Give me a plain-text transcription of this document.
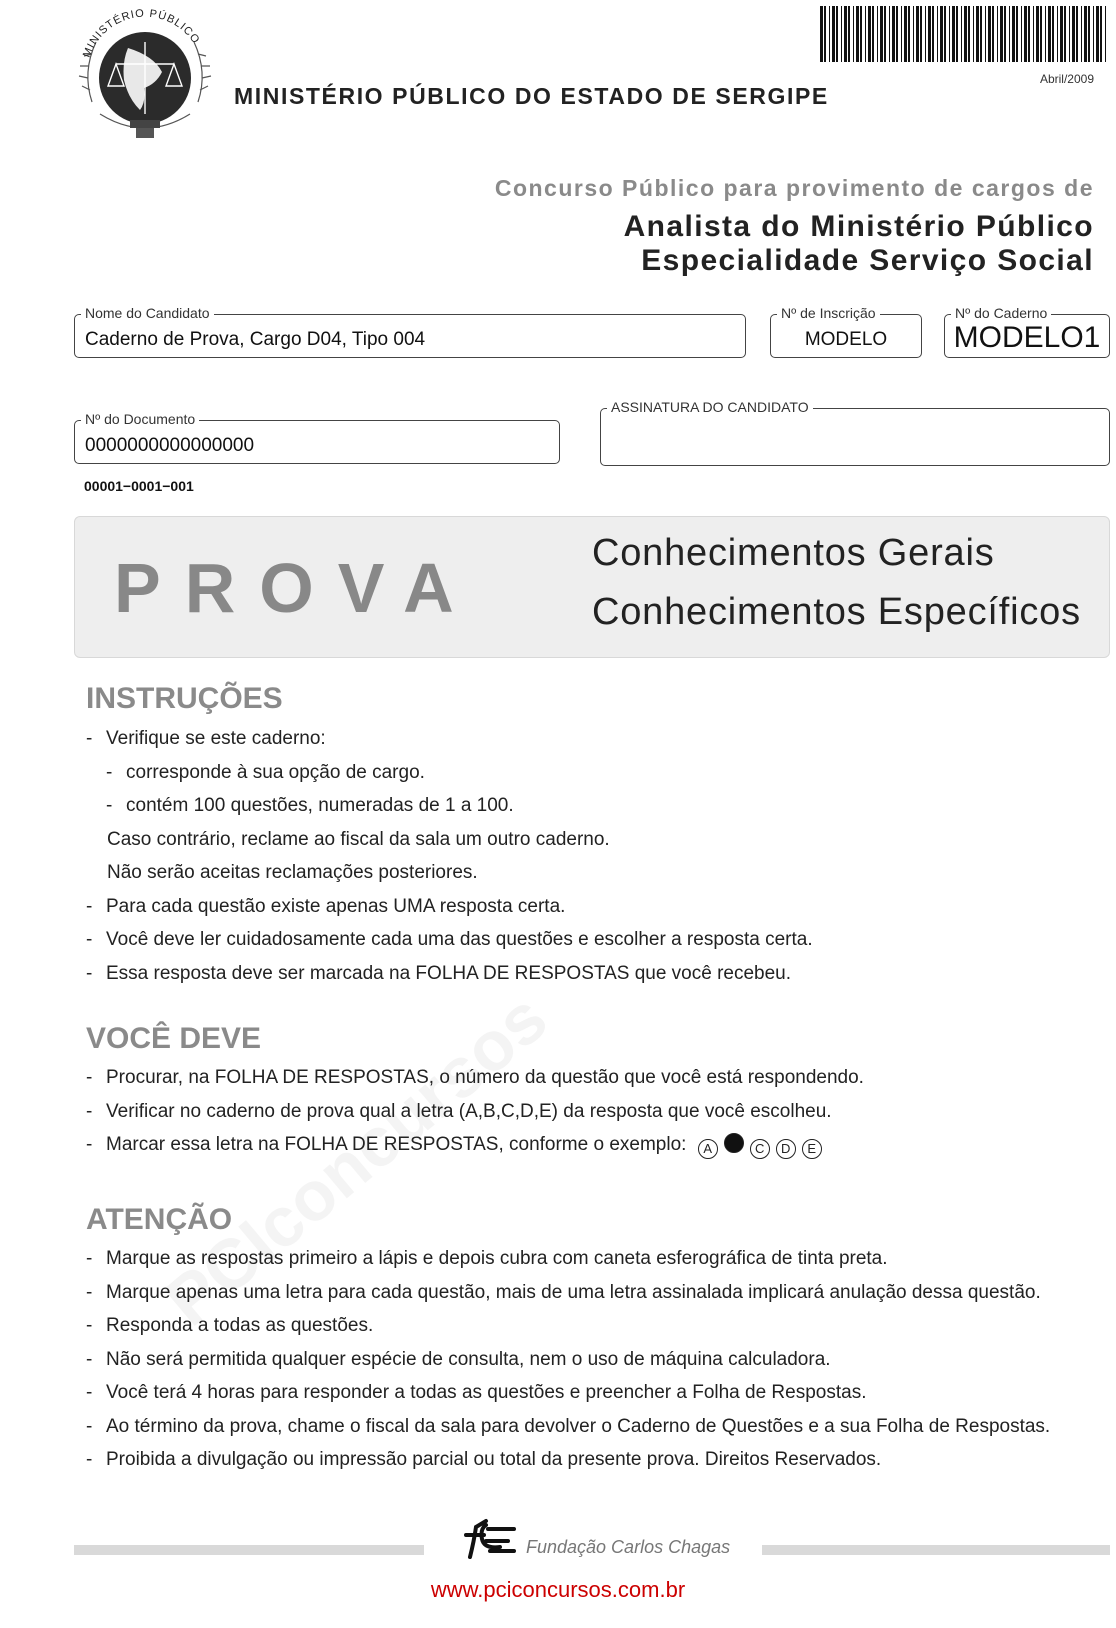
MINISTÉRIO PÚBLICO
MINISTÉRIO PÚBLICO DO ESTADO DE SERGIPE
Abril/2009
Concurso Público para provimento de cargos de
Analista do Ministério Público
Especialidade Serviço Social
Nome do Candidato
Caderno de Prova, Cargo D04, Tipo 004
Nº de Inscrição
MODELO
Nº do Caderno
MODELO1
Nº do Documento
0000000000000000
ASSINATURA DO CANDIDATO
00001−0001−001
PROVA	Conhecimentos Gerais
Conhecimentos Específicos
INSTRUÇÕES
- Verifique se este caderno:
- corresponde à sua opção de cargo.
- contém 100 questões, numeradas de 1 a 100.
Caso contrário, reclame ao fiscal da sala um outro caderno.
Não serão aceitas reclamações posteriores.
- Para cada questão existe apenas UMA resposta certa.
- Você deve ler cuidadosamente cada uma das questões e escolher a resposta certa.
- Essa resposta deve ser marcada na FOLHA DE RESPOSTAS que você recebeu.
VOCÊ DEVE
- Procurar, na FOLHA DE RESPOSTAS, o número da questão que você está respondendo.
- Verificar no caderno de prova qual a letra (A,B,C,D,E) da resposta que você escolheu.
- Marcar essa letra na FOLHA DE RESPOSTAS, conforme o exemplo: A	C D E
ATENÇÃO
- Marque as respostas primeiro a lápis e depois cubra com caneta esferográfica de tinta preta.
- Marque apenas uma letra para cada questão, mais de uma letra assinalada implicará anulação dessa questão.
- Responda a todas as questões.
- Não será permitida qualquer espécie de consulta, nem o uso de máquina calculadora.
- Você terá 4 horas para responder a todas as questões e preencher a Folha de Respostas.
- Ao término da prova, chame o fiscal da sala para devolver o Caderno de Questões e a sua Folha de Respostas.
- Proibida a divulgação ou impressão parcial ou total da presente prova. Direitos Reservados.
Fundação Carlos Chagas
www.pciconcursos.com.br
